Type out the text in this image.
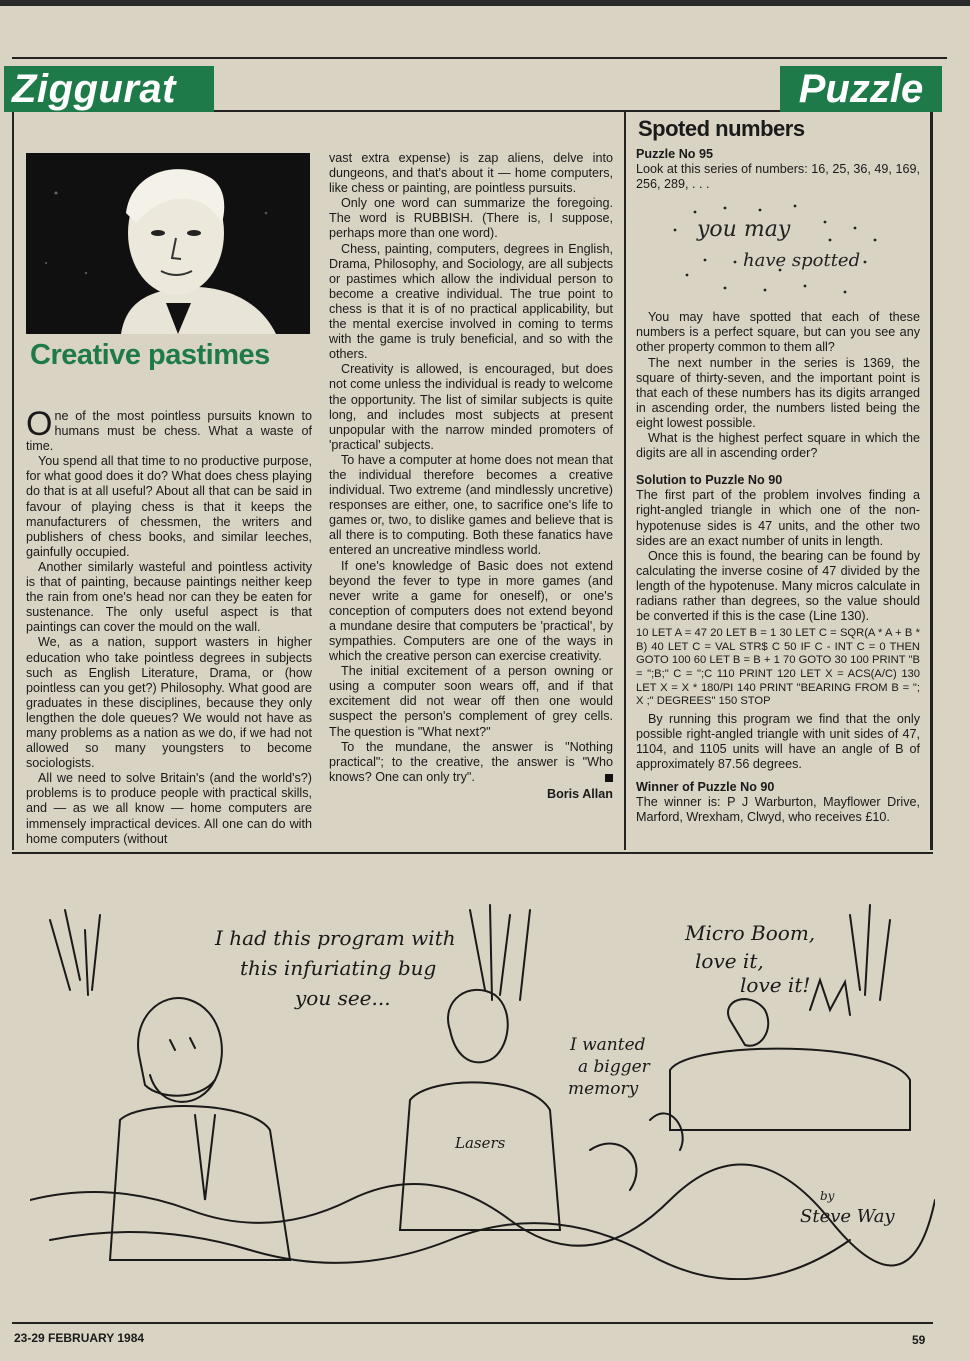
Ziggurat	Puzzle
Creative pastimes

One of the most pointless pursuits known to humans must be chess. What a waste of time.

You spend all that time to no productive purpose, for what good does it do? What does chess playing do that is at all useful? About all that can be said in favour of playing chess is that it keeps the manufacturers of chessmen, the writers and publishers of chess books, and similar leeches, gainfully occupied.

Another similarly wasteful and pointless activity is that of painting, because paintings neither keep the rain from one's head nor can they be eaten for sustenance. The only useful aspect is that paintings can cover the mould on the wall.

We, as a nation, support wasters in higher education who take pointless degrees in subjects such as English Literature, Drama, or (how pointless can you get?) Philosophy. What good are graduates in these disciplines, because they only lengthen the dole queues? We would not have as many problems as a nation as we do, if we had not allowed so many youngsters to become sociologists.

All we need to solve Britain's (and the world's?) problems is to produce people with practical skills, and — as we all know — home computers are immensely impractical devices. All one can do with home computers (without

vast extra expense) is zap aliens, delve into dungeons, and that's about it — home computers, like chess or painting, are pointless pursuits.

Only one word can summarize the foregoing. The word is RUBBISH. (There is, I suppose, perhaps more than one word).

Chess, painting, computers, degrees in English, Drama, Philosophy, and Sociology, are all subjects or pastimes which allow the individual person to become a creative individual. The true point to chess is that it is of no practical applicability, but the mental exercise involved in coming to terms with the game is truly beneficial, and so with the others.

Creativity is allowed, is encouraged, but does not come unless the individual is ready to welcome the opportunity. The list of similar subjects is quite long, and includes most subjects at present unpopular with the narrow minded promoters of 'practical' subjects.

To have a computer at home does not mean that the individual therefore becomes a creative individual. Two extreme (and mindlessly uncretive) responses are either, one, to sacrifice one's life to games or, two, to dislike games and believe that is all there is to computing. Both these fanatics have entered an uncreative mindless world.

If one's knowledge of Basic does not extend beyond the fever to type in more games (and never write a game for oneself), or one's conception of computers does not extend beyond a mundane desire that computers be 'practical', by sympathies. Computers are one of the ways in which the creative person can exercise creativity.

The initial excitement of a person owning or using a computer soon wears off, and if that excitement did not wear off then one would suspect the person's complement of grey cells. The question is "What next?"

To the mundane, the answer is "Nothing practical"; to the creative, the answer is "Who knows? One can only try".

Boris Allan
Spoted numbers

Puzzle No 95

Look at this series of numbers: 16, 25, 36, 49, 169, 256, 289, . . .

You may have spotted that each of these numbers is a perfect square, but can you see any other property common to them all?

The next number in the series is 1369, the square of thirty-seven, and the important point is that each of these numbers has its digits arranged in ascending order, the numbers listed being the eight lowest possible.

What is the highest perfect square in which the digits are all in ascending order?

Solution to Puzzle No 90

The first part of the problem involves finding a right-angled triangle in which one of the non-hypotenuse sides is 47 units, and the other two sides are an exact number of units in length.

Once this is found, the bearing can be found by calculating the inverse cosine of 47 divided by the length of the hypotenuse. Many micros calculate in radians rather than degrees, so the value should be converted if this is the case (Line 130).

10 LET A = 47 20 LET B = 1 30 LET C = SQR(A * A + B * B) 40 LET C = VAL STR$ C 50 IF C - INT C = 0 THEN GOTO 100 60 LET B = B + 1 70 GOTO 30 100 PRINT "B = ";B;" C = ";C 110 PRINT 120 LET X = ACS(A/C) 130 LET X = X * 180/PI 140 PRINT "BEARING FROM B = "; X ;" DEGREES" 150 STOP

By running this program we find that the only possible right-angled triangle with unit sides of 47, 1104, and 1105 units will have an angle of B of approximately 87.56 degrees.

Winner of Puzzle No 90

The winner is: P J Warburton, Mayflower Drive, Marford, Wrexham, Clwyd, who receives £10.

you may
have spotted
I had this program with
this infuriating bug
you see...
Micro Boom,
love it,
love it!
I wanted
a bigger
memory
Lasers
by
Steve Way
23-29 FEBRUARY 1984	59
